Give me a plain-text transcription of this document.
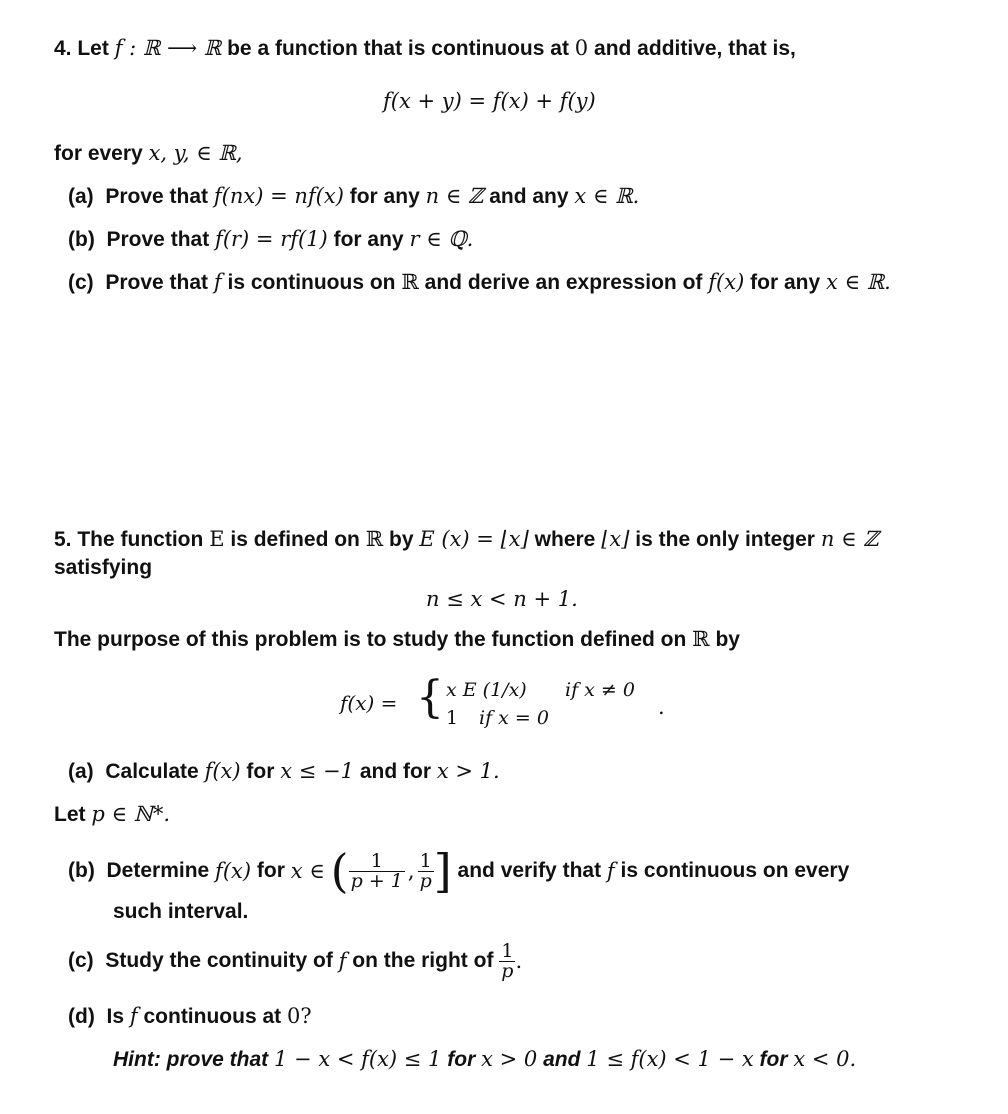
4. Let f : ℝ ⟶ ℝ be a function that is continuous at 0 and additive, that is,
f(x + y) = f(x) + f(y)
for every x, y, ∈ ℝ,
(a) Prove that f(nx) = nf(x) for any n ∈ ℤ and any x ∈ ℝ.
(b) Prove that f(r) = rf(1) for any r ∈ ℚ.
(c) Prove that f is continuous on ℝ and derive an expression of f(x) for any x ∈ ℝ.
5. The function E is defined on ℝ by E (x) = ⌊x⌋ where ⌊x⌋ is the only integer n ∈ ℤ
satisfying
n ≤ x < n + 1.
The purpose of this problem is to study the function defined on ℝ by
f(x) = { x E (1/x) if x ≠ 0
1 if x = 0	.
(a) Calculate f(x) for x ≤ −1 and for x > 1.
Let p ∈ ℕ*.
(b)
Determine
f(x)
for
x ∈
( $\frac{1}{p + 1}$ , $\frac{1}{p}$ ]
and verify that
f
is continuous on every
such interval.
(c)
Study the continuity of
f
on the right of
$\frac{1}{p}$ .
(d) Is f continuous at 0?
Hint: prove that 1 − x < f(x) ≤ 1 for x > 0 and 1 ≤ f(x) < 1 − x for x < 0.
